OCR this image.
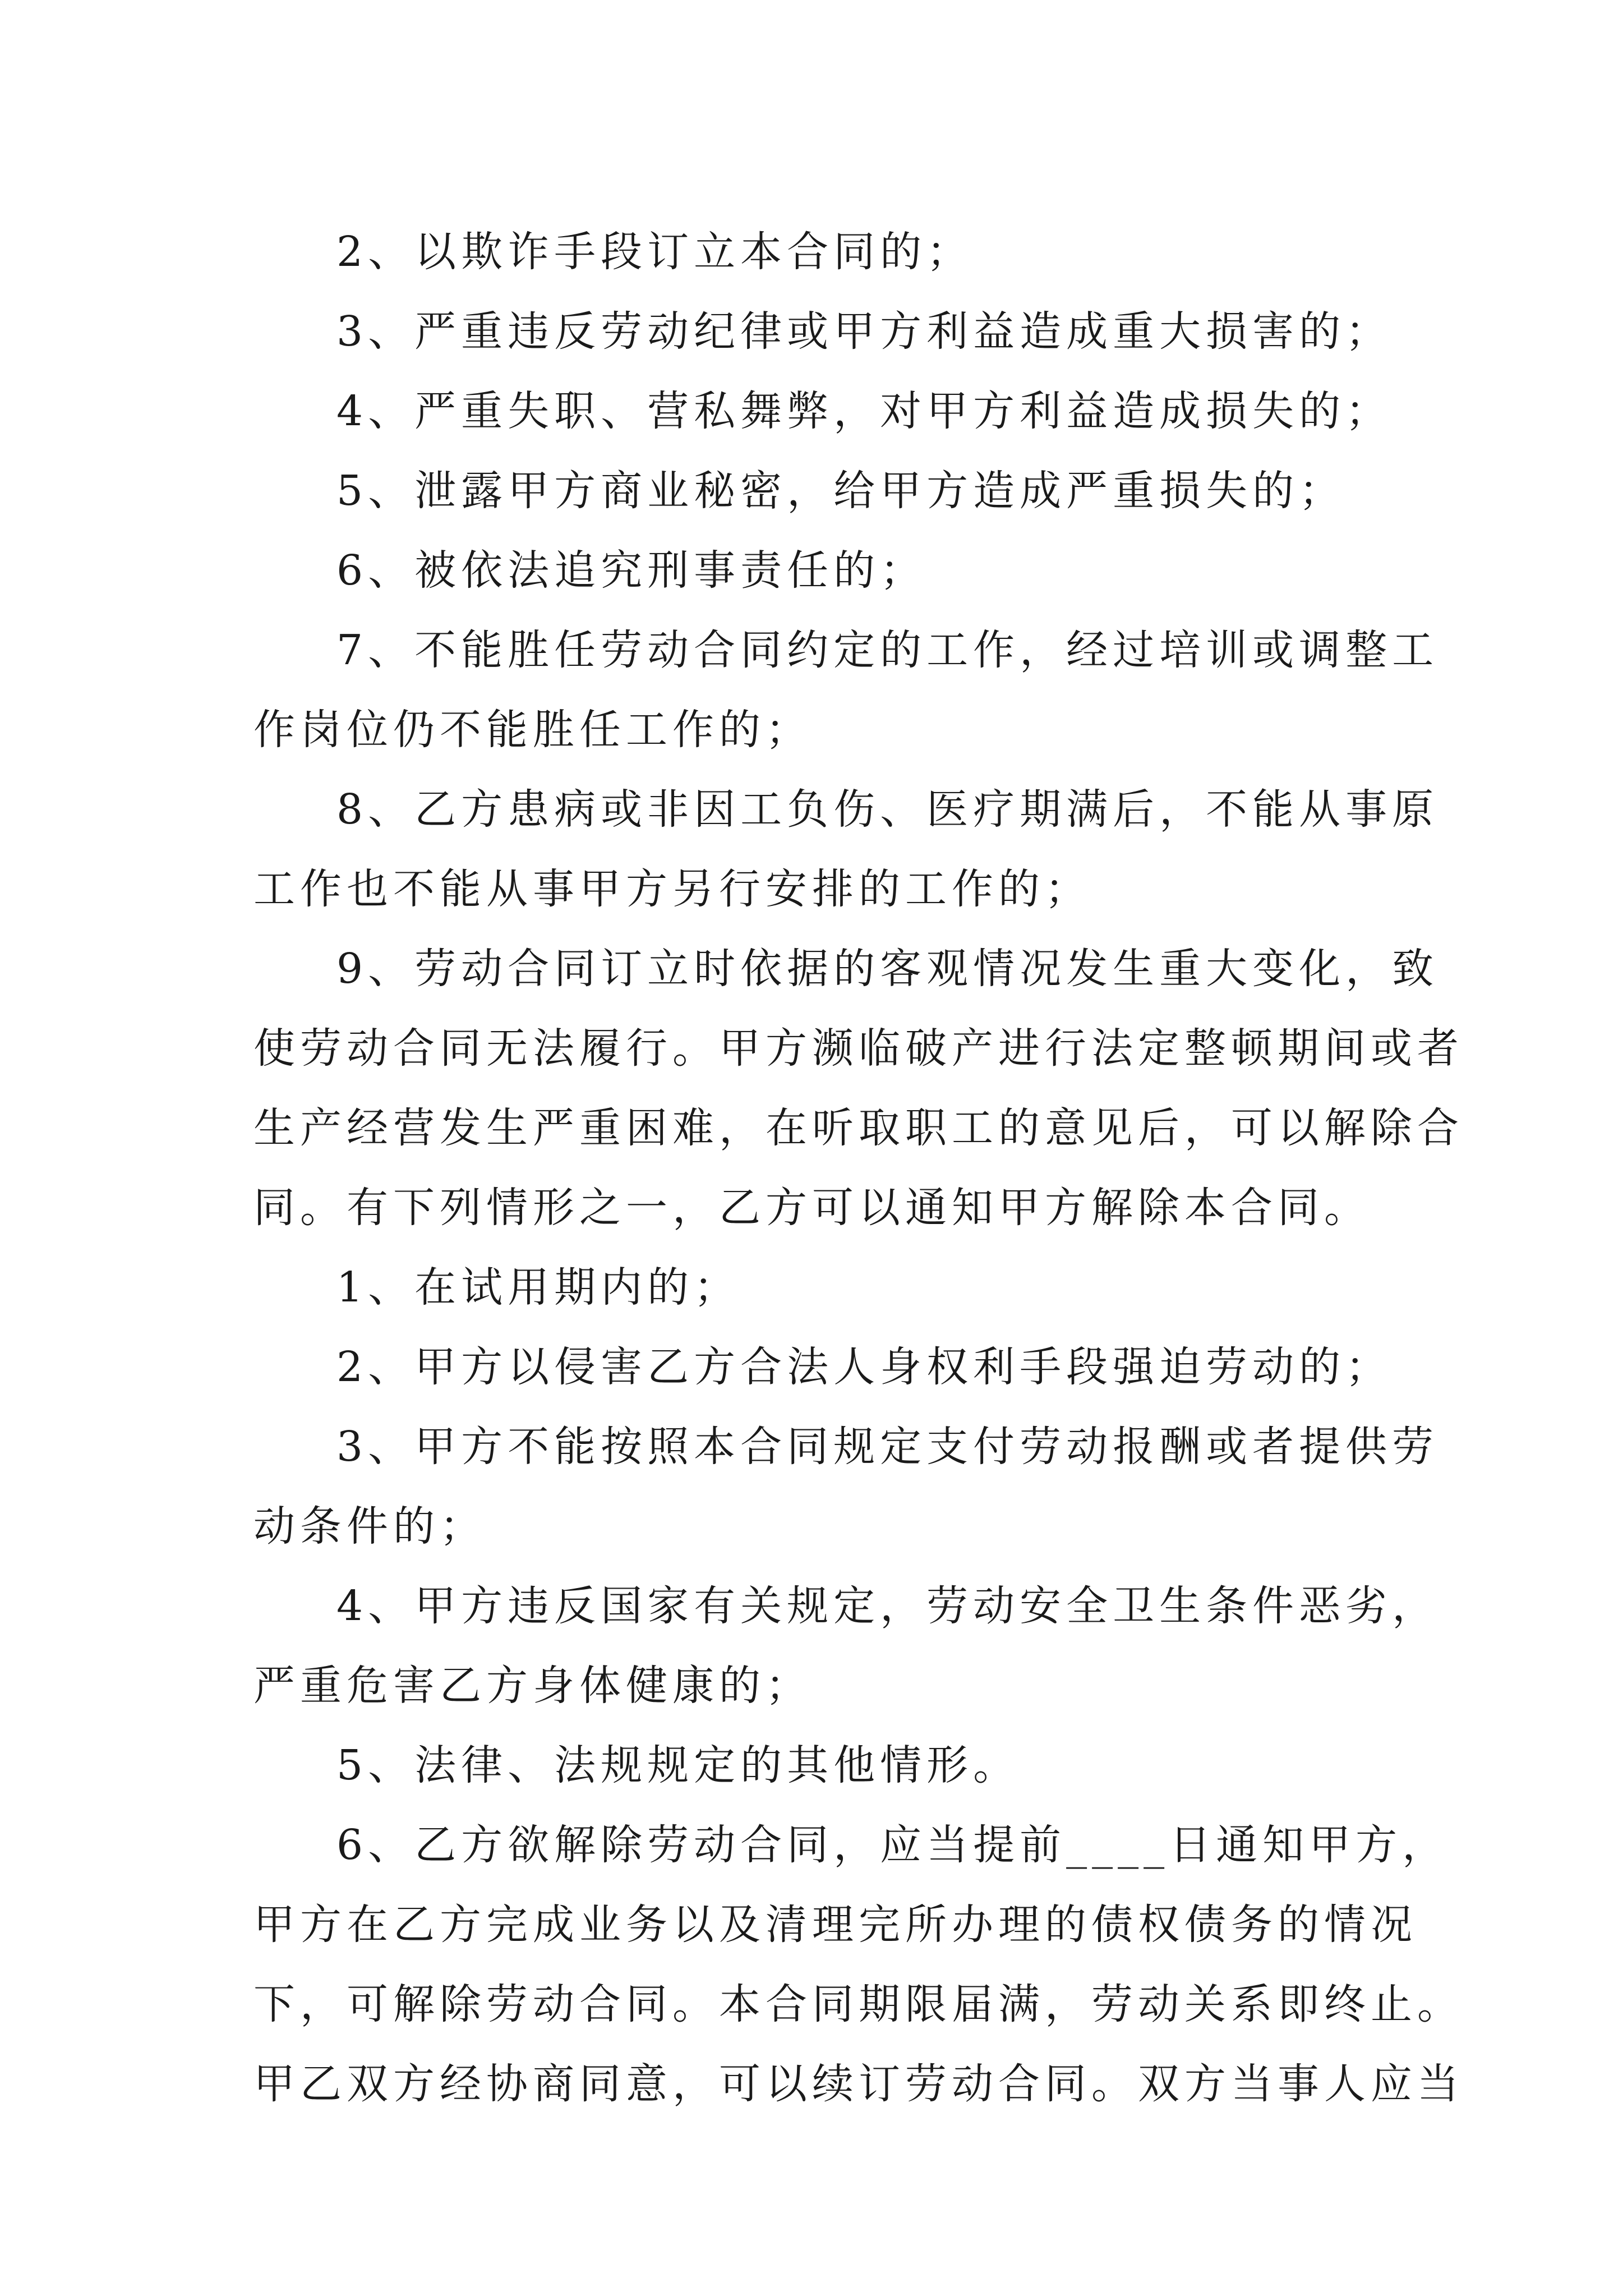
2、以欺诈手段订立本合同的；
3、严重违反劳动纪律或甲方利益造成重大损害的；
4、严重失职、营私舞弊，对甲方利益造成损失的；
5、泄露甲方商业秘密，给甲方造成严重损失的；
6、被依法追究刑事责任的；
7、不能胜任劳动合同约定的工作，经过培训或调整工
作岗位仍不能胜任工作的；
8、乙方患病或非因工负伤、医疗期满后，不能从事原
工作也不能从事甲方另行安排的工作的；
9、劳动合同订立时依据的客观情况发生重大变化，致
使劳动合同无法履行。甲方濒临破产进行法定整顿期间或者
生产经营发生严重困难，在听取职工的意见后，可以解除合
同。有下列情形之一，乙方可以通知甲方解除本合同。
1、在试用期内的；
2、甲方以侵害乙方合法人身权利手段强迫劳动的；
3、甲方不能按照本合同规定支付劳动报酬或者提供劳
动条件的；
4、甲方违反国家有关规定，劳动安全卫生条件恶劣，
严重危害乙方身体健康的；
5、法律、法规规定的其他情形。
6、乙方欲解除劳动合同，应当提前____日通知甲方，
甲方在乙方完成业务以及清理完所办理的债权债务的情况
下，可解除劳动合同。本合同期限届满，劳动关系即终止。
甲乙双方经协商同意，可以续订劳动合同。双方当事人应当
